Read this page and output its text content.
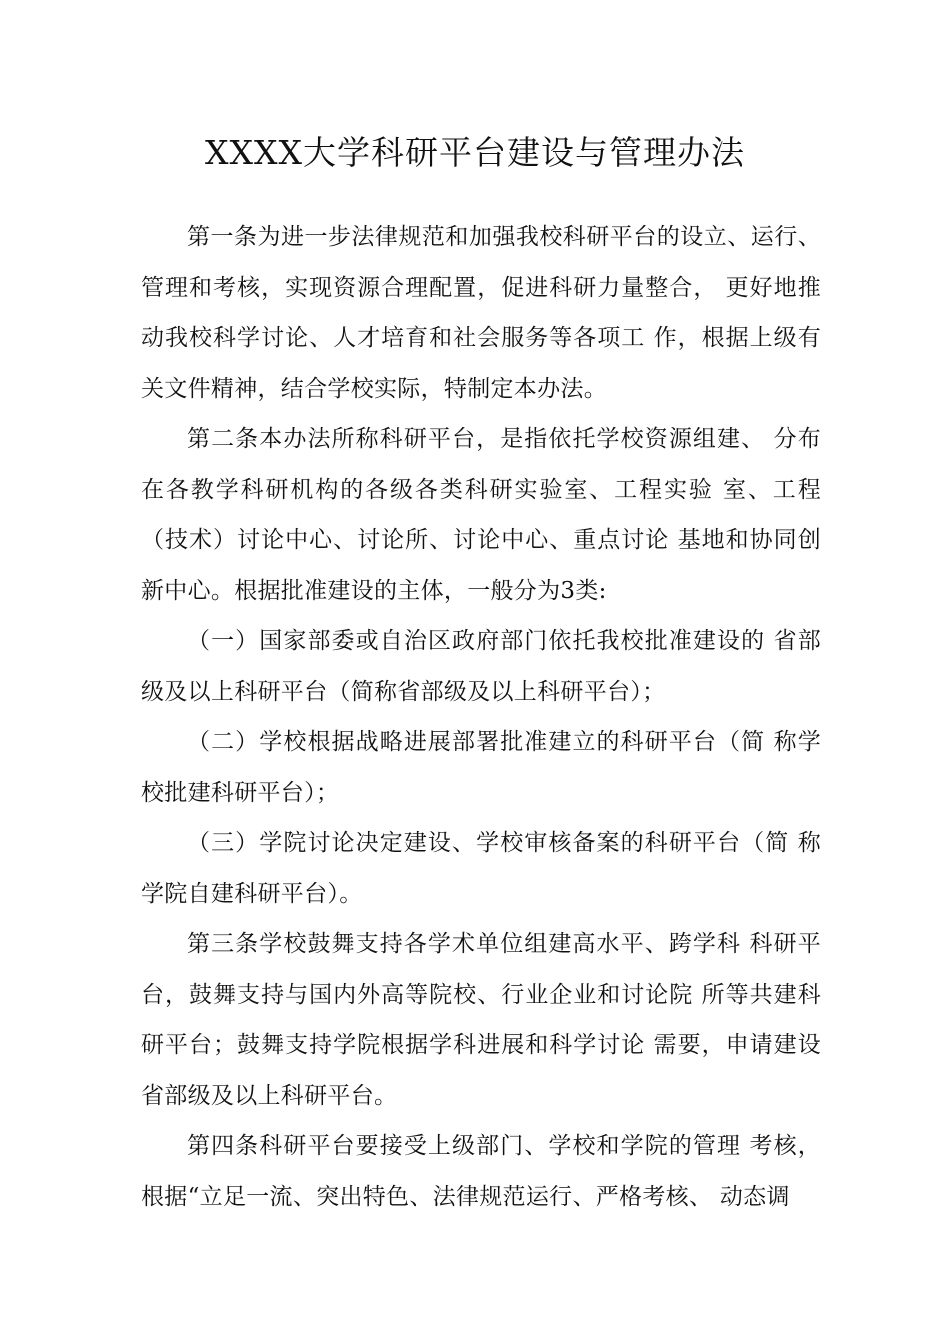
XXXX大学科研平台建设与管理办法

第一条为进一步法律规范和加强我校科研平台的设立、运行、管理和考核，实现资源合理配置，促进科研力量整合， 更好地推动我校科学讨论、人才培育和社会服务等各项工 作，根据上级有关文件精神，结合学校实际，特制定本办法。

第二条本办法所称科研平台，是指依托学校资源组建、 分布在各教学科研机构的各级各类科研实验室、工程实验 室、工程（技术）讨论中心、讨论所、讨论中心、重点讨论 基地和协同创新中心。根据批准建设的主体，一般分为3类:

（一）国家部委或自治区政府部门依托我校批准建设的 省部级及以上科研平台（简称省部级及以上科研平台）；

（二）学校根据战略进展部署批准建立的科研平台（简 称学校批建科研平台）；

（三）学院讨论决定建设、学校审核备案的科研平台（简 称学院自建科研平台）。

第三条学校鼓舞支持各学术单位组建高水平、跨学科 科研平台，鼓舞支持与国内外高等院校、行业企业和讨论院 所等共建科研平台；鼓舞支持学院根据学科进展和科学讨论 需要，申请建设省部级及以上科研平台。

第四条科研平台要接受上级部门、学校和学院的管理 考核，根据“立足一流、突出特色、法律规范运行、严格考核、 动态调
